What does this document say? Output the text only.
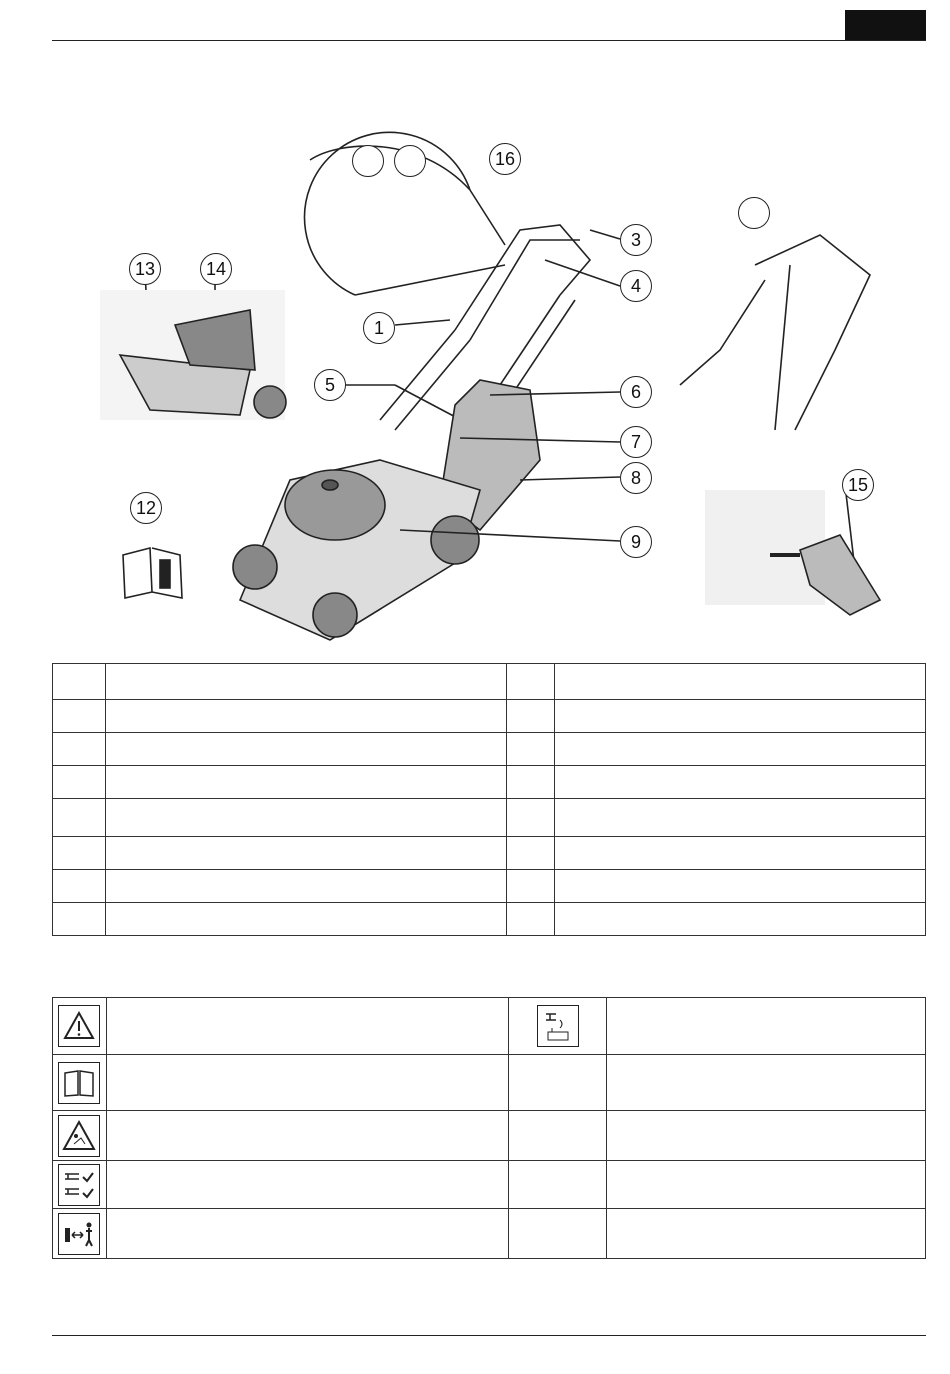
1
3
4
5	6
7
8
9
12
13	14
15
16
